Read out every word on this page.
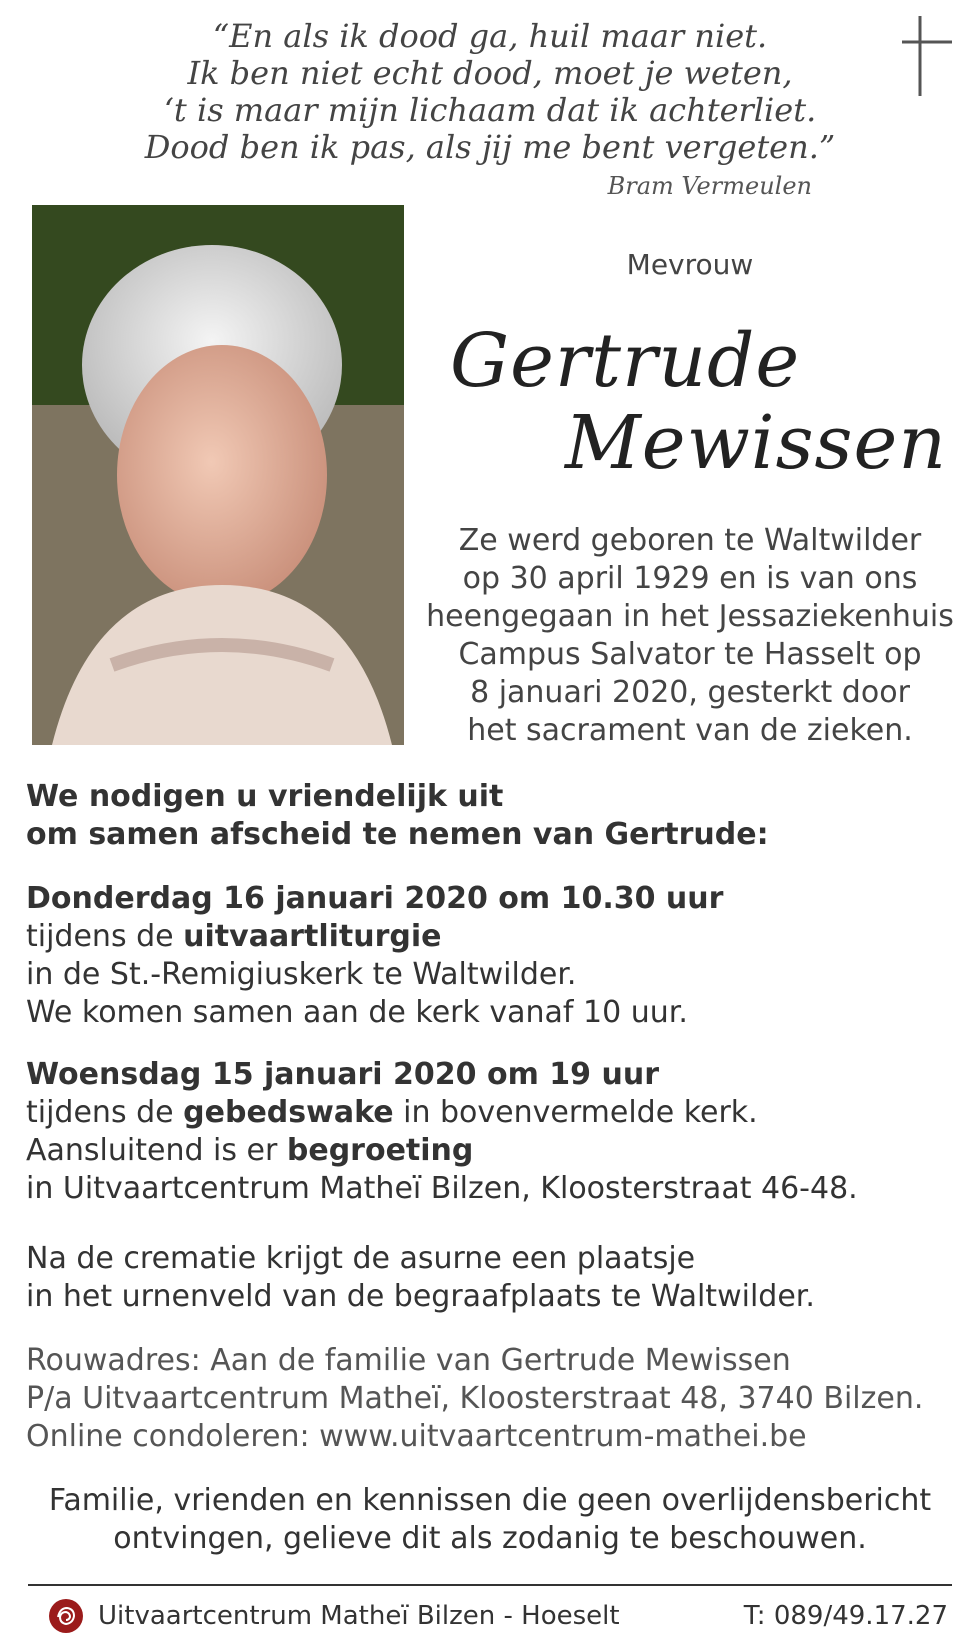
“En als ik dood ga, huil maar niet.
Ik ben niet echt dood, moet je weten,
‘t is maar mijn lichaam dat ik achterliet.
Dood ben ik pas, als jij me bent vergeten.”
Bram Vermeulen
Mevrouw
Gertrude
Mewissen
Ze werd geboren te Waltwilder
op 30 april 1929 en is van ons
heengegaan in het Jessaziekenhuis
Campus Salvator te Hasselt op
8 januari 2020, gesterkt door
het sacrament van de zieken.
We nodigen u vriendelijk uit
om samen afscheid te nemen van Gertrude:
Donderdag 16 januari 2020 om 10.30 uur
tijdens de uitvaartliturgie
in de St.-Remigiuskerk te Waltwilder.
We komen samen aan de kerk vanaf 10 uur.
Woensdag 15 januari 2020 om 19 uur
tijdens de gebedswake in bovenvermelde kerk.
Aansluitend is er begroeting
in Uitvaartcentrum Matheï Bilzen, Kloosterstraat 46-48.
Na de crematie krijgt de asurne een plaatsje
in het urnenveld van de begraafplaats te Waltwilder.
Rouwadres: Aan de familie van Gertrude Mewissen
P/a Uitvaartcentrum Matheï, Kloosterstraat 48, 3740 Bilzen.
Online condoleren: www.uitvaartcentrum-mathei.be
Familie, vrienden en kennissen die geen overlijdensbericht
ontvingen, gelieve dit als zodanig te beschouwen.
Uitvaartcentrum Matheï Bilzen - Hoeselt	T: 089/49.17.27
